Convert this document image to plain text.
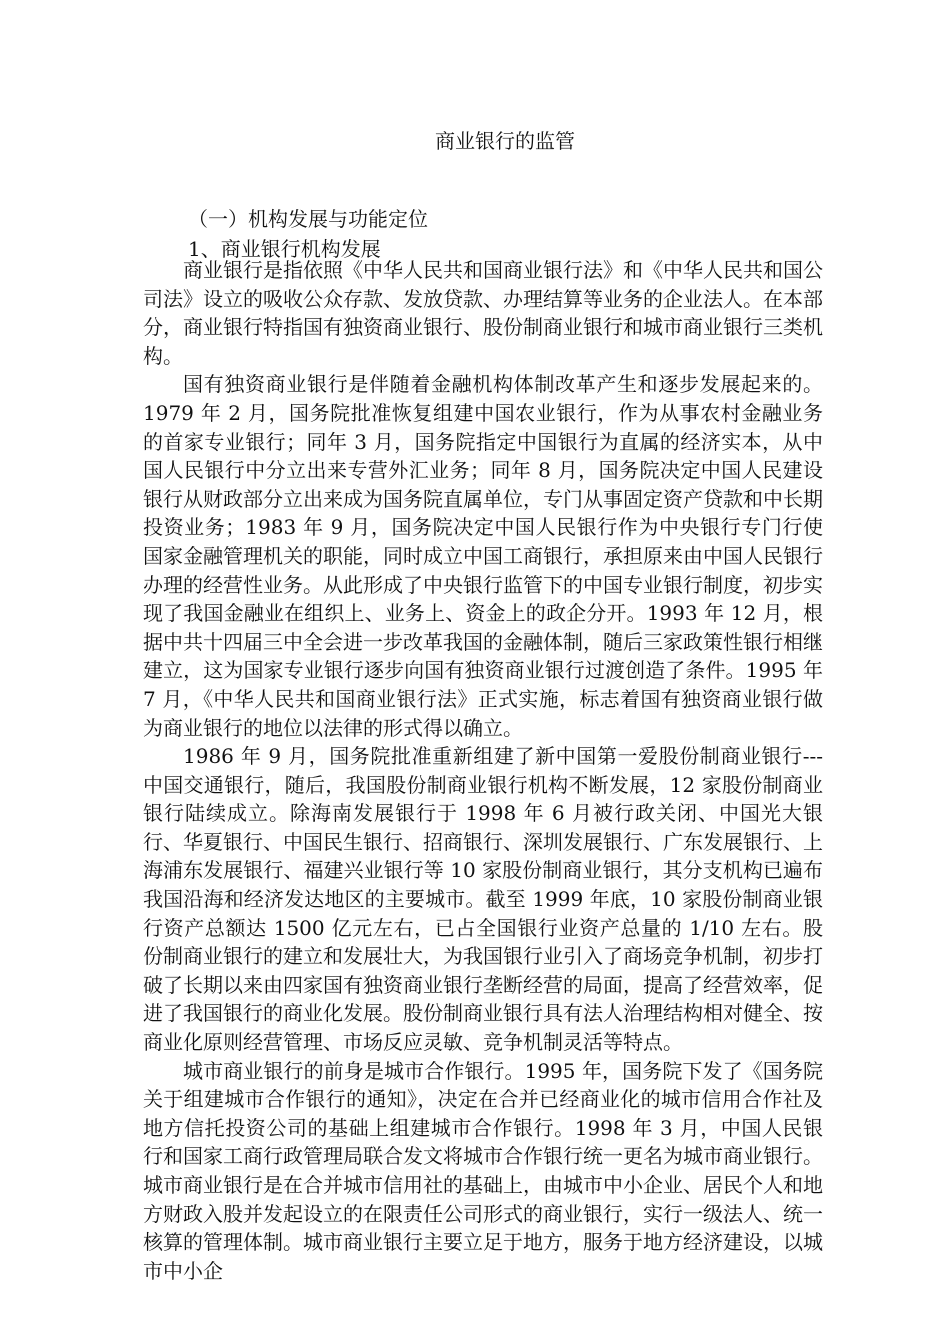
商业银行的监管
（一）机构发展与功能定位
1、商业银行机构发展

商业银行是指依照《中华人民共和国商业银行法》和《中华人民共和国公司法》设立的吸收公众存款、发放贷款、办理结算等业务的企业法人。在本部分，商业银行特指国有独资商业银行、股份制商业银行和城市商业银行三类机构。

国有独资商业银行是伴随着金融机构体制改革产生和逐步发展起来的。1979 年 2 月，国务院批准恢复组建中国农业银行，作为从事农村金融业务的首家专业银行；同年 3 月，国务院指定中国银行为直属的经济实本，从中国人民银行中分立出来专营外汇业务；同年 8 月，国务院决定中国人民建设银行从财政部分立出来成为国务院直属单位，专门从事固定资产贷款和中长期投资业务；1983 年 9 月，国务院决定中国人民银行作为中央银行专门行使国家金融管理机关的职能，同时成立中国工商银行，承担原来由中国人民银行办理的经营性业务。从此形成了中央银行监管下的中国专业银行制度，初步实现了我国金融业在组织上、业务上、资金上的政企分开。1993 年 12 月，根据中共十四届三中全会进一步改革我国的金融体制，随后三家政策性银行相继建立，这为国家专业银行逐步向国有独资商业银行过渡创造了条件。1995 年 7 月，《中华人民共和国商业银行法》正式实施，标志着国有独资商业银行做为商业银行的地位以法律的形式得以确立。

1986 年 9 月，国务院批准重新组建了新中国第一爱股份制商业银行---中国交通银行，随后，我国股份制商业银行机构不断发展，12 家股份制商业银行陆续成立。除海南发展银行于 1998 年 6 月被行政关闭、中国光大银行、华夏银行、中国民生银行、招商银行、深圳发展银行、广东发展银行、上海浦东发展银行、福建兴业银行等 10 家股份制商业银行，其分支机构已遍布我国沿海和经济发达地区的主要城市。截至 1999 年底，10 家股份制商业银行资产总额达 1500 亿元左右，已占全国银行业资产总量的 1/10 左右。股份制商业银行的建立和发展壮大，为我国银行业引入了商场竞争机制，初步打破了长期以来由四家国有独资商业银行垄断经营的局面，提高了经营效率，促进了我国银行的商业化发展。股份制商业银行具有法人治理结构相对健全、按商业化原则经营管理、市场反应灵敏、竞争机制灵活等特点。

城市商业银行的前身是城市合作银行。1995 年，国务院下发了《国务院关于组建城市合作银行的通知》，决定在合并已经商业化的城市信用合作社及地方信托投资公司的基础上组建城市合作银行。1998 年 3 月，中国人民银行和国家工商行政管理局联合发文将城市合作银行统一更名为城市商业银行。城市商业银行是在合并城市信用社的基础上，由城市中小企业、居民个人和地方财政入股并发起设立的在限责任公司形式的商业银行，实行一级法人、统一核算的管理体制。城市商业银行主要立足于地方，服务于地方经济建设，以城市中小企
